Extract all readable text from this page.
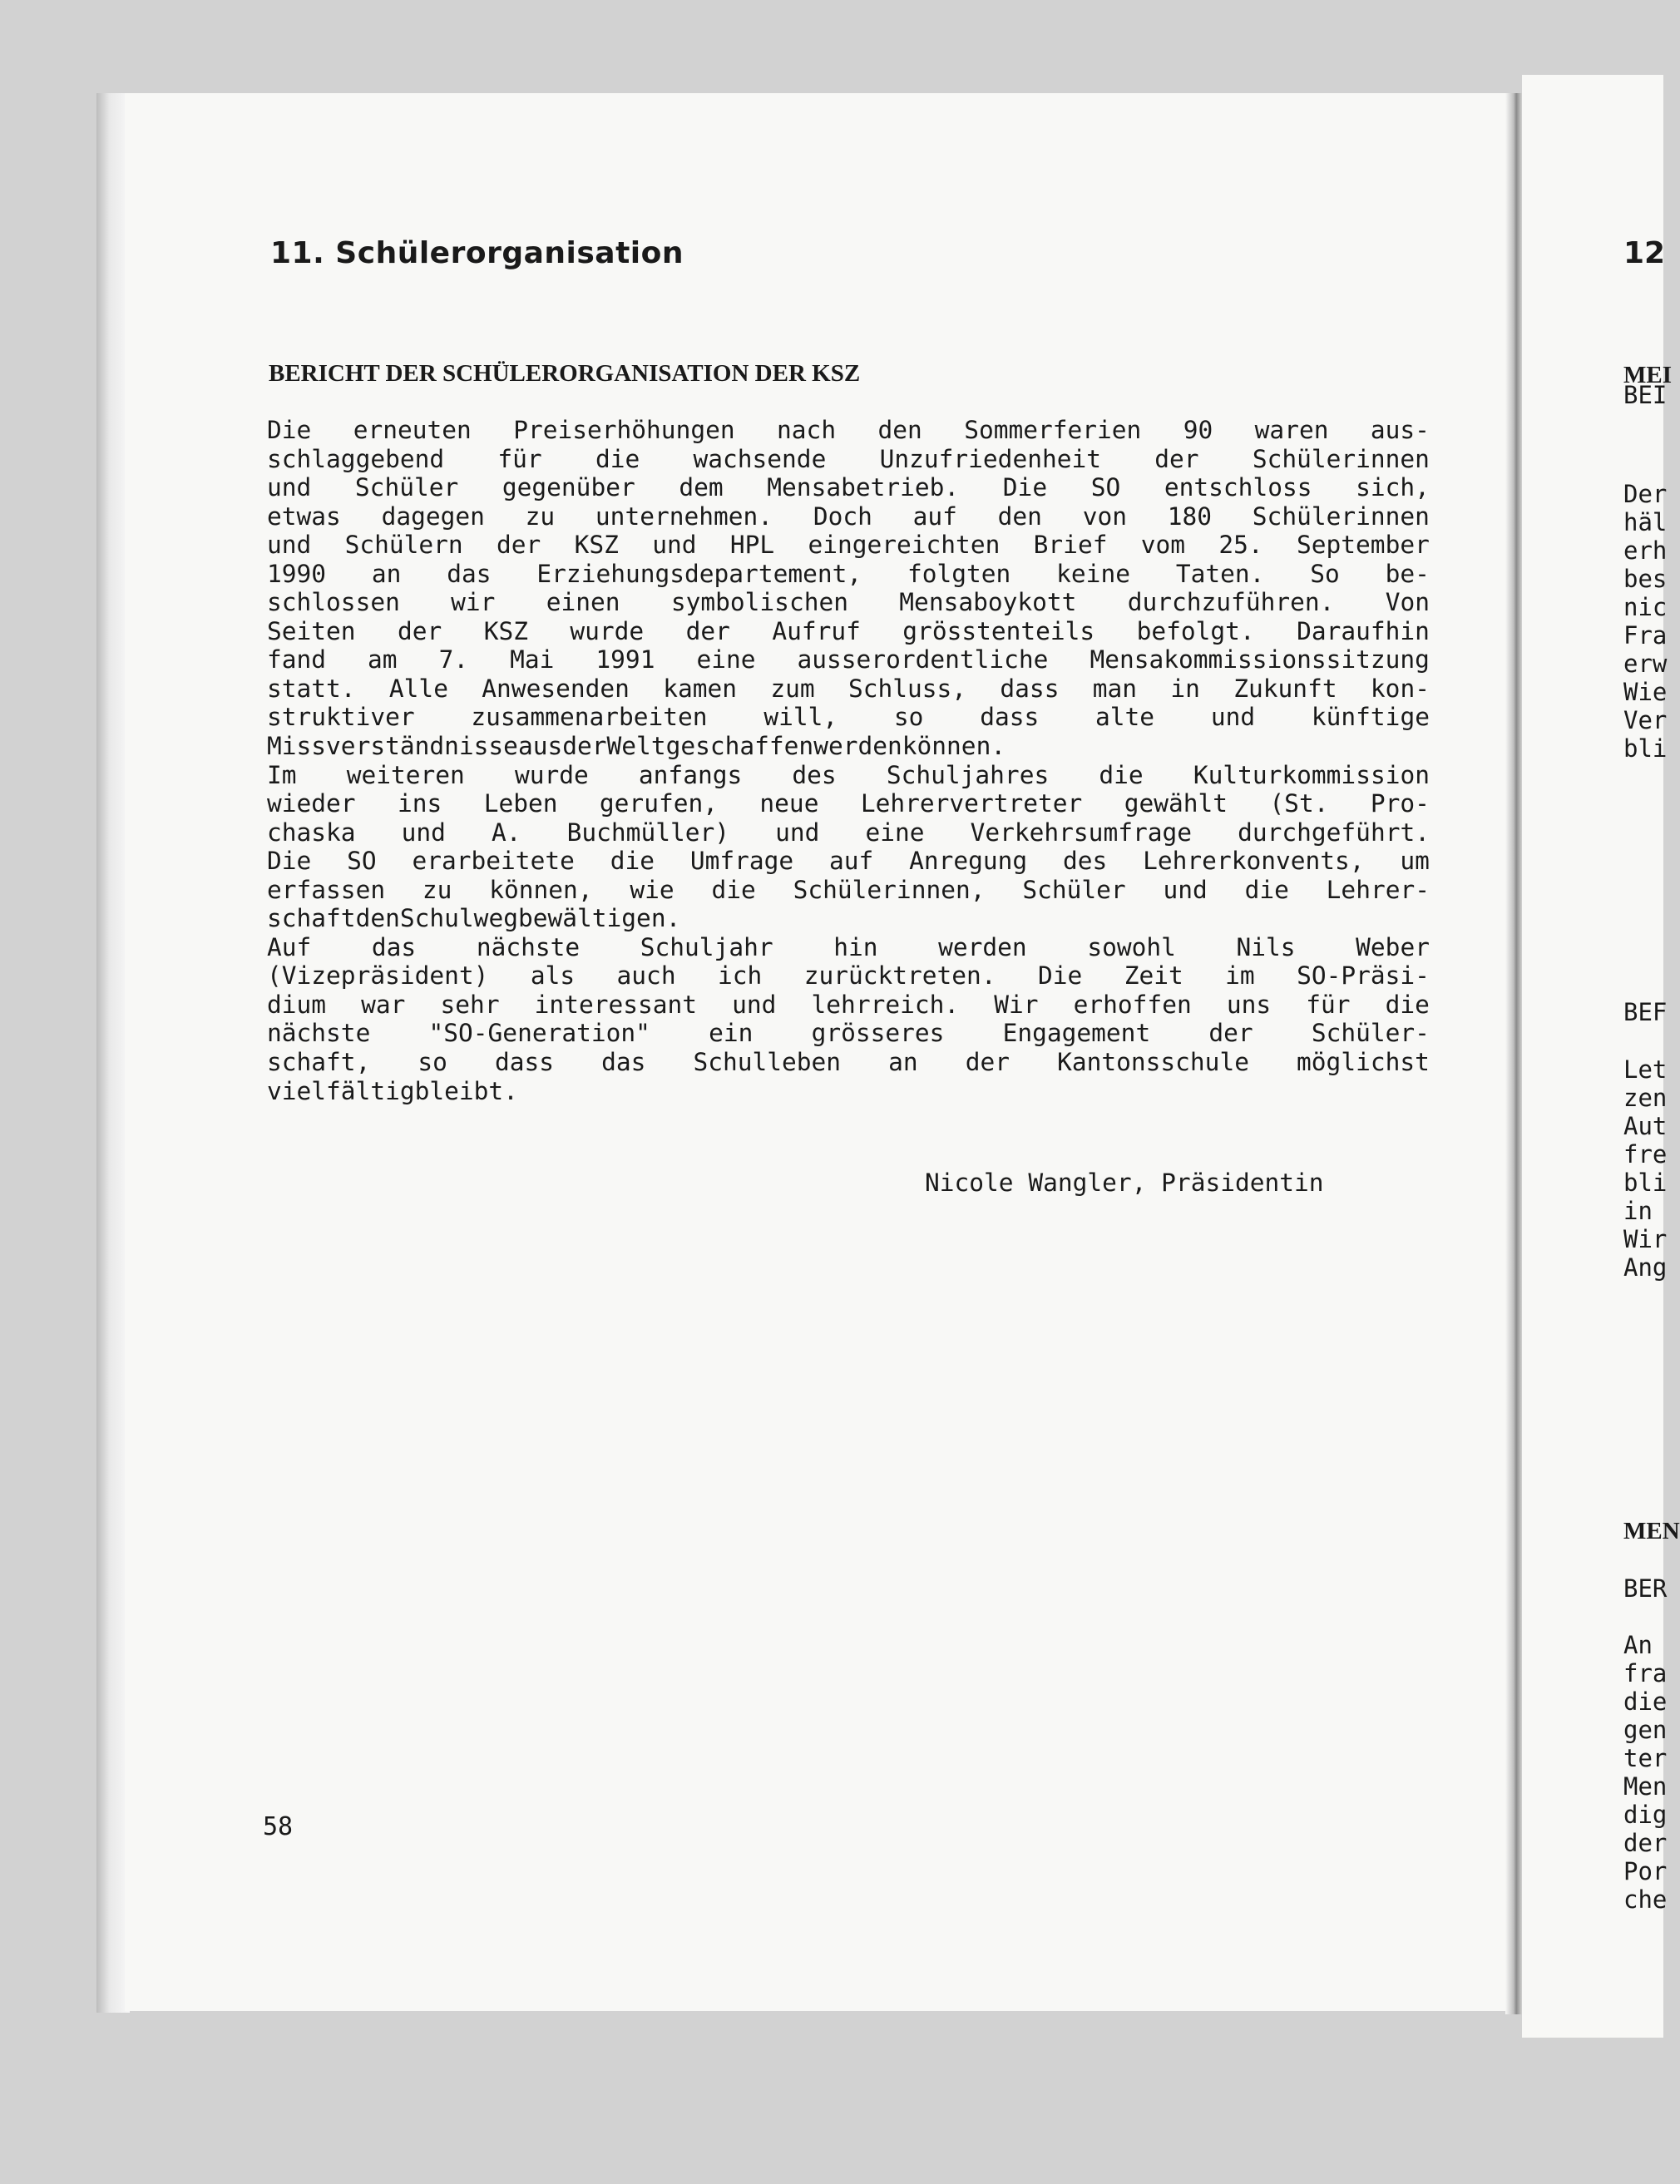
11. Schülerorganisation
BERICHT DER SCHÜLERORGANISATION DER KSZ
Die erneuten Preiserhöhungen nach den Sommerferien 90 waren aus-
schlaggebend für die wachsende Unzufriedenheit der Schülerinnen
und Schüler gegenüber dem Mensabetrieb. Die SO entschloss sich,
etwas dagegen zu unternehmen. Doch auf den von 180 Schülerinnen
und Schülern der KSZ und HPL eingereichten Brief vom 25. September
1990 an das Erziehungsdepartement, folgten keine Taten. So be-
schlossen wir einen symbolischen Mensaboykott durchzuführen. Von
Seiten der KSZ wurde der Aufruf grösstenteils befolgt. Daraufhin
fand am 7. Mai 1991 eine ausserordentliche Mensakommissionssitzung
statt. Alle Anwesenden kamen zum Schluss, dass man in Zukunft kon-
struktiver zusammenarbeiten will, so dass alte und künftige
Missverständnisse aus der Welt geschaffen werden können.
Im weiteren wurde anfangs des Schuljahres die Kulturkommission
wieder ins Leben gerufen, neue Lehrervertreter gewählt (St. Pro-
chaska und A. Buchmüller) und eine Verkehrsumfrage durchgeführt.
Die SO erarbeitete die Umfrage auf Anregung des Lehrerkonvents, um
erfassen zu können, wie die Schülerinnen, Schüler und die Lehrer-
schaft den Schulweg bewältigen.
Auf das nächste Schuljahr hin werden sowohl Nils Weber
(Vizepräsident) als auch ich zurücktreten. Die Zeit im SO-Präsi-
dium war sehr interessant und lehrreich. Wir erhoffen uns für die
nächste "SO-Generation" ein grösseres Engagement der Schüler-
schaft, so dass das Schulleben an der Kantonsschule möglichst
vielfältig bleibt.

Nicole Wangler, Präsidentin

58

12

MEI

BEI

Der

häl

erh

bes

nic

Fra

erw

Wie

Ver

bli

BEF

Let

zen

Aut

fre

bli

in

Wir

Ang

MEN

BER

An

fra

die

gen

ter

Men

dig

der

Por

che
